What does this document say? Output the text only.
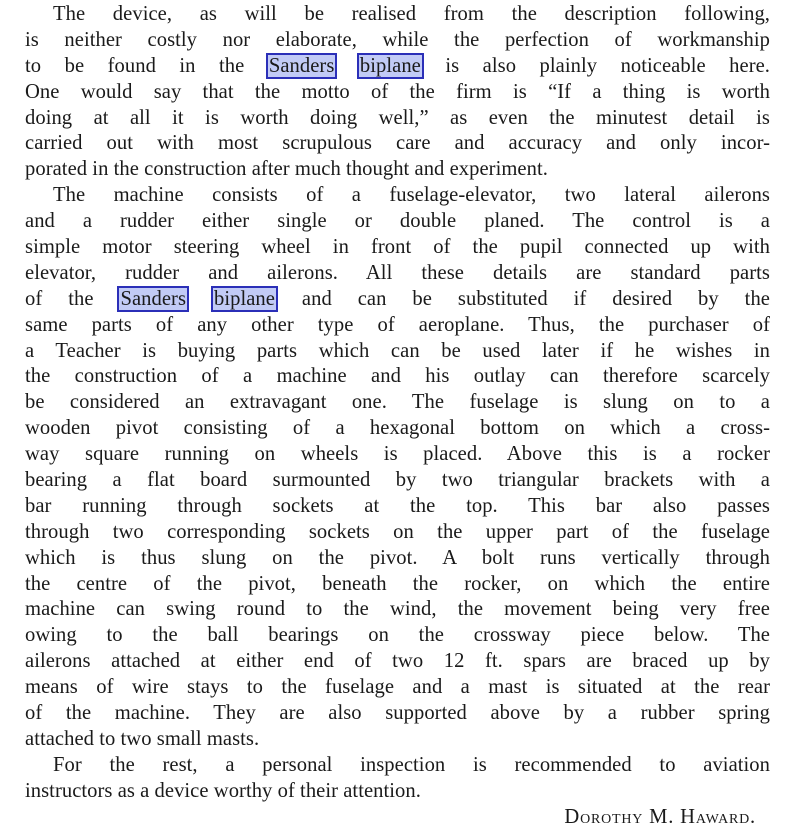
The device, as will be realised from the description following,
is neither costly nor elaborate, while the perfection of workmanship
to be found in the Sanders biplane is also plainly noticeable here.
One would say that the motto of the firm is “If a thing is worth
doing at all it is worth doing well,” as even the minutest detail is
carried out with most scrupulous care and accuracy and only incor-
porated in the construction after much thought and experiment.
The machine consists of a fuselage-elevator, two lateral ailerons
and a rudder either single or double planed. The control is a
simple motor steering wheel in front of the pupil connected up with
elevator, rudder and ailerons. All these details are standard parts
of the Sanders biplane and can be substituted if desired by the
same parts of any other type of aeroplane. Thus, the purchaser of
a Teacher is buying parts which can be used later if he wishes in
the construction of a machine and his outlay can therefore scarcely
be considered an extravagant one. The fuselage is slung on to a
wooden pivot consisting of a hexagonal bottom on which a cross-
way square running on wheels is placed. Above this is a rocker
bearing a flat board surmounted by two triangular brackets with a
bar running through sockets at the top. This bar also passes
through two corresponding sockets on the upper part of the fuselage
which is thus slung on the pivot. A bolt runs vertically through
the centre of the pivot, beneath the rocker, on which the entire
machine can swing round to the wind, the movement being very free
owing to the ball bearings on the crossway piece below. The
ailerons attached at either end of two 12 ft. spars are braced up by
means of wire stays to the fuselage and a mast is situated at the rear
of the machine. They are also supported above by a rubber spring
attached to two small masts.
For the rest, a personal inspection is recommended to aviation
instructors as a device worthy of their attention.
Dorothy M. Haward.
